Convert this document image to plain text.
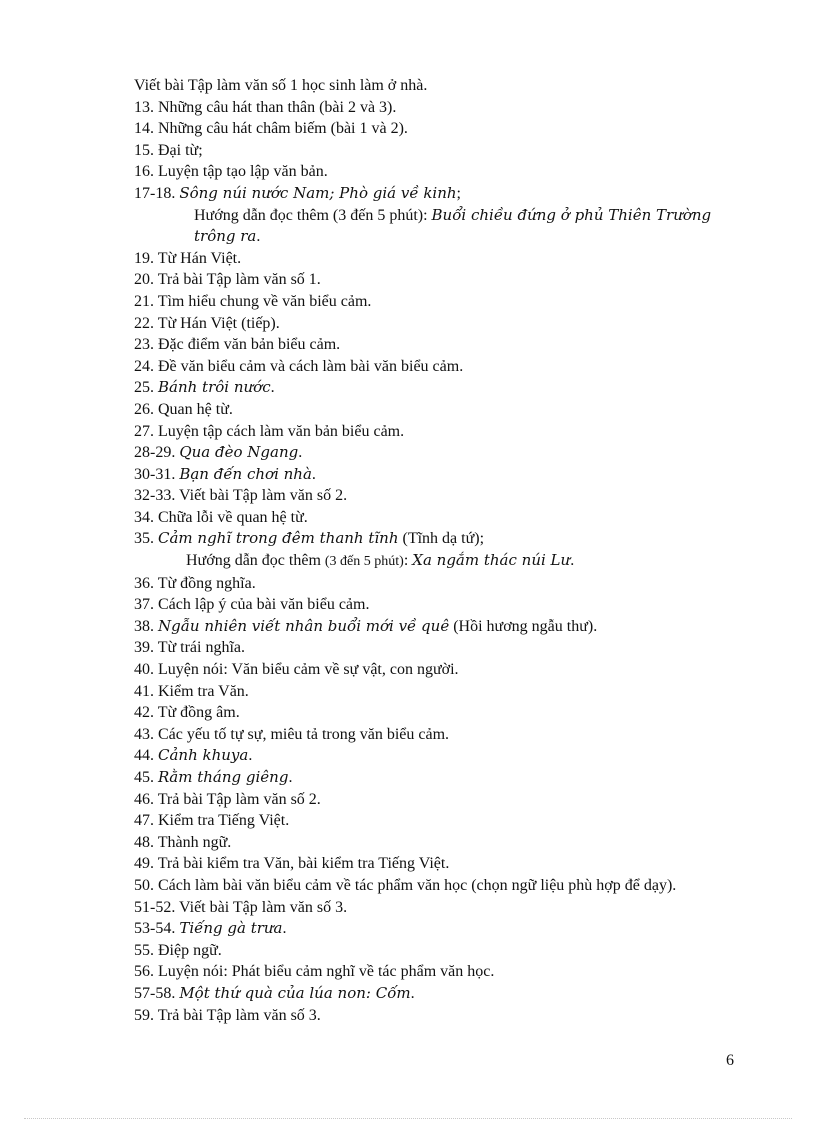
Viết bài Tập làm văn số 1 học sinh làm ở nhà.
13. Những câu hát than thân (bài 2 và 3).
14. Những câu hát châm biếm (bài 1 và 2).
15. Đại từ;
16. Luyện tập tạo lập văn bản.
17-18. Sông núi nước Nam; Phò giá về kinh;
Hướng dẫn đọc thêm (3 đến 5 phút): Buổi chiều đứng ở phủ Thiên Trường trông ra.
19. Từ Hán Việt.
20. Trả bài Tập làm văn số 1.
21. Tìm hiểu chung về văn biểu cảm.
22. Từ Hán Việt (tiếp).
23. Đặc điểm văn bản biểu cảm.
24. Đề văn biểu cảm và cách làm bài văn biểu cảm.
25. Bánh trôi nước.
26. Quan hệ từ.
27. Luyện tập cách làm văn bản biểu cảm.
28-29. Qua đèo Ngang.
30-31. Bạn đến chơi nhà.
32-33. Viết bài Tập làm văn số 2.
34. Chữa lỗi về quan hệ từ.
35. Cảm nghĩ trong đêm thanh tĩnh (Tĩnh dạ tứ);
Hướng dẫn đọc thêm (3 đến 5 phút): Xa ngắm thác núi Lư.
36. Từ đồng nghĩa.
37. Cách lập ý của bài văn biểu cảm.
38. Ngẫu nhiên viết nhân buổi mới về quê (Hồi hương ngẫu thư).
39. Từ trái nghĩa.
40. Luyện nói: Văn biểu cảm về sự vật, con người.
41. Kiểm tra Văn.
42. Từ đồng âm.
43. Các yếu tố tự sự, miêu tả trong văn biểu cảm.
44. Cảnh khuya.
45. Rằm tháng giêng.
46. Trả bài Tập làm văn số 2.
47. Kiểm tra Tiếng Việt.
48. Thành ngữ.
49. Trả bài kiểm tra Văn, bài kiểm tra Tiếng Việt.
50. Cách làm bài văn biểu cảm về tác phẩm văn học (chọn ngữ liệu phù hợp để dạy).
51-52. Viết bài Tập làm văn số 3.
53-54. Tiếng gà trưa.
55. Điệp ngữ.
56. Luyện nói: Phát biểu cảm nghĩ về tác phẩm văn học.
57-58. Một thứ quà của lúa non: Cốm.
59. Trả bài Tập làm văn số 3.
6
